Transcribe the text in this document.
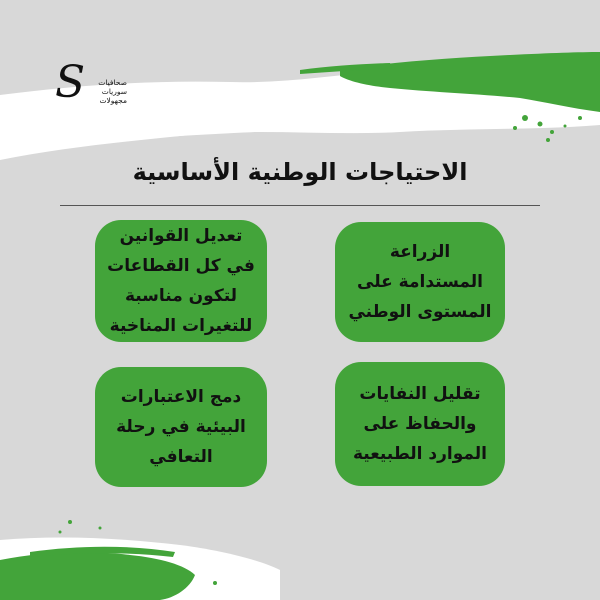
S	صحافيات
سوريات
مجهولات
الاحتياجات الوطنية الأساسية
تعديل القوانين في كل القطاعات لتكون مناسبة للتغيرات المناخية
الزراعة المستدامة على المستوى الوطني
دمج الاعتبارات البيئية في رحلة التعافي
تقليل النفايات والحفاظ على الموارد الطبيعية
